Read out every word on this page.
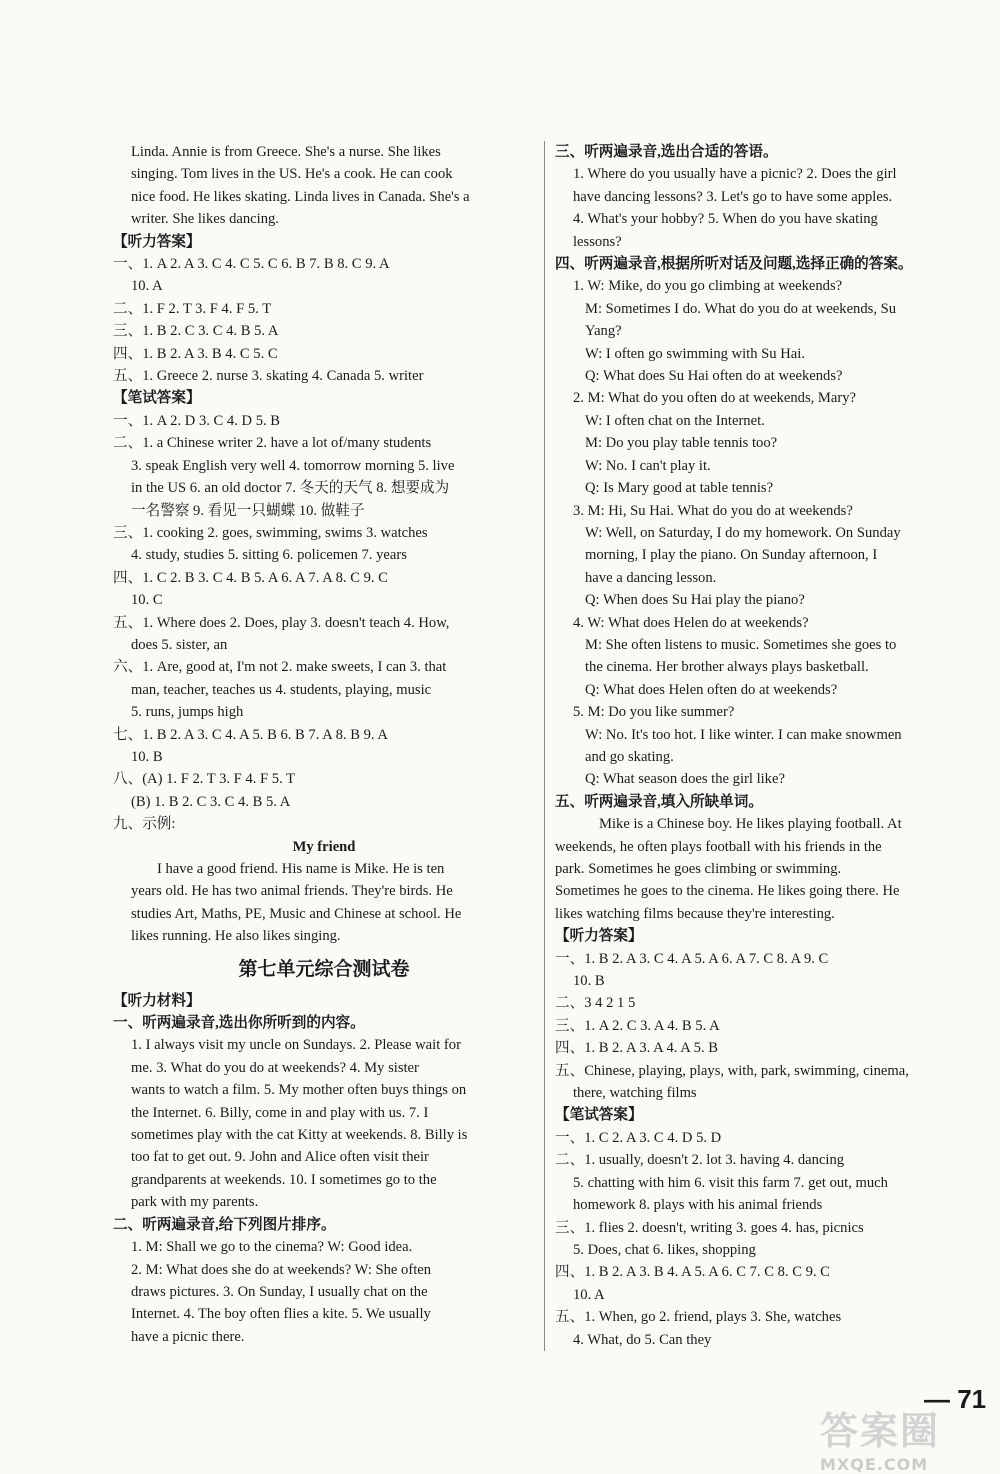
Linda. Annie is from Greece. She's a nurse. She likes
singing. Tom lives in the US. He's a cook. He can cook
nice food. He likes skating. Linda lives in Canada. She's a
writer. She likes dancing.
【听力答案】
一、1. A 2. A 3. C 4. C 5. C 6. B 7. B 8. C 9. A
10. A
二、1. F 2. T 3. F 4. F 5. T
三、1. B 2. C 3. C 4. B 5. A
四、1. B 2. A 3. B 4. C 5. C
五、1. Greece 2. nurse 3. skating 4. Canada 5. writer
【笔试答案】
一、1. A 2. D 3. C 4. D 5. B
二、1. a Chinese writer 2. have a lot of/many students
3. speak English very well 4. tomorrow morning 5. live
in the US 6. an old doctor 7. 冬天的天气 8. 想要成为
一名警察 9. 看见一只蝴蝶 10. 做鞋子
三、1. cooking 2. goes, swimming, swims 3. watches
4. study, studies 5. sitting 6. policemen 7. years
四、1. C 2. B 3. C 4. B 5. A 6. A 7. A 8. C 9. C
10. C
五、1. Where does 2. Does, play 3. doesn't teach 4. How,
does 5. sister, an
六、1. Are, good at, I'm not 2. make sweets, I can 3. that
man, teacher, teaches us 4. students, playing, music
5. runs, jumps high
七、1. B 2. A 3. C 4. A 5. B 6. B 7. A 8. B 9. A
10. B
八、(A) 1. F 2. T 3. F 4. F 5. T
(B) 1. B 2. C 3. C 4. B 5. A
九、示例:
My friend
I have a good friend. His name is Mike. He is ten
years old. He has two animal friends. They're birds. He
studies Art, Maths, PE, Music and Chinese at school. He
likes running. He also likes singing.
第七单元综合测试卷
【听力材料】
一、听两遍录音,选出你所听到的内容。
1. I always visit my uncle on Sundays. 2. Please wait for
me. 3. What do you do at weekends? 4. My sister
wants to watch a film. 5. My mother often buys things on
the Internet. 6. Billy, come in and play with us. 7. I
sometimes play with the cat Kitty at weekends. 8. Billy is
too fat to get out. 9. John and Alice often visit their
grandparents at weekends. 10. I sometimes go to the
park with my parents.
二、听两遍录音,给下列图片排序。
1. M: Shall we go to the cinema? W: Good idea.
2. M: What does she do at weekends? W: She often
draws pictures. 3. On Sunday, I usually chat on the
Internet. 4. The boy often flies a kite. 5. We usually
have a picnic there.
三、听两遍录音,选出合适的答语。
1. Where do you usually have a picnic? 2. Does the girl
have dancing lessons? 3. Let's go to have some apples.
4. What's your hobby? 5. When do you have skating
lessons?
四、听两遍录音,根据所听对话及问题,选择正确的答案。
1. W: Mike, do you go climbing at weekends?
M: Sometimes I do. What do you do at weekends, Su
Yang?
W: I often go swimming with Su Hai.
Q: What does Su Hai often do at weekends?
2. M: What do you often do at weekends, Mary?
W: I often chat on the Internet.
M: Do you play table tennis too?
W: No. I can't play it.
Q: Is Mary good at table tennis?
3. M: Hi, Su Hai. What do you do at weekends?
W: Well, on Saturday, I do my homework. On Sunday
morning, I play the piano. On Sunday afternoon, I
have a dancing lesson.
Q: When does Su Hai play the piano?
4. W: What does Helen do at weekends?
M: She often listens to music. Sometimes she goes to
the cinema. Her brother always plays basketball.
Q: What does Helen often do at weekends?
5. M: Do you like summer?
W: No. It's too hot. I like winter. I can make snowmen
and go skating.
Q: What season does the girl like?
五、听两遍录音,填入所缺单词。
Mike is a Chinese boy. He likes playing football. At
weekends, he often plays football with his friends in the
park. Sometimes he goes climbing or swimming.
Sometimes he goes to the cinema. He likes going there. He
likes watching films because they're interesting.
【听力答案】
一、1. B 2. A 3. C 4. A 5. A 6. A 7. C 8. A 9. C
10. B
二、3 4 2 1 5
三、1. A 2. C 3. A 4. B 5. A
四、1. B 2. A 3. A 4. A 5. B
五、Chinese, playing, plays, with, park, swimming, cinema,
there, watching films
【笔试答案】
一、1. C 2. A 3. C 4. D 5. D
二、1. usually, doesn't 2. lot 3. having 4. dancing
5. chatting with him 6. visit this farm 7. get out, much
homework 8. plays with his animal friends
三、1. flies 2. doesn't, writing 3. goes 4. has, picnics
5. Does, chat 6. likes, shopping
四、1. B 2. A 3. B 4. A 5. A 6. C 7. C 8. C 9. C
10. A
五、1. When, go 2. friend, plays 3. She, watches
4. What, do 5. Can they
— 71
答案圈
MXQE.COM
